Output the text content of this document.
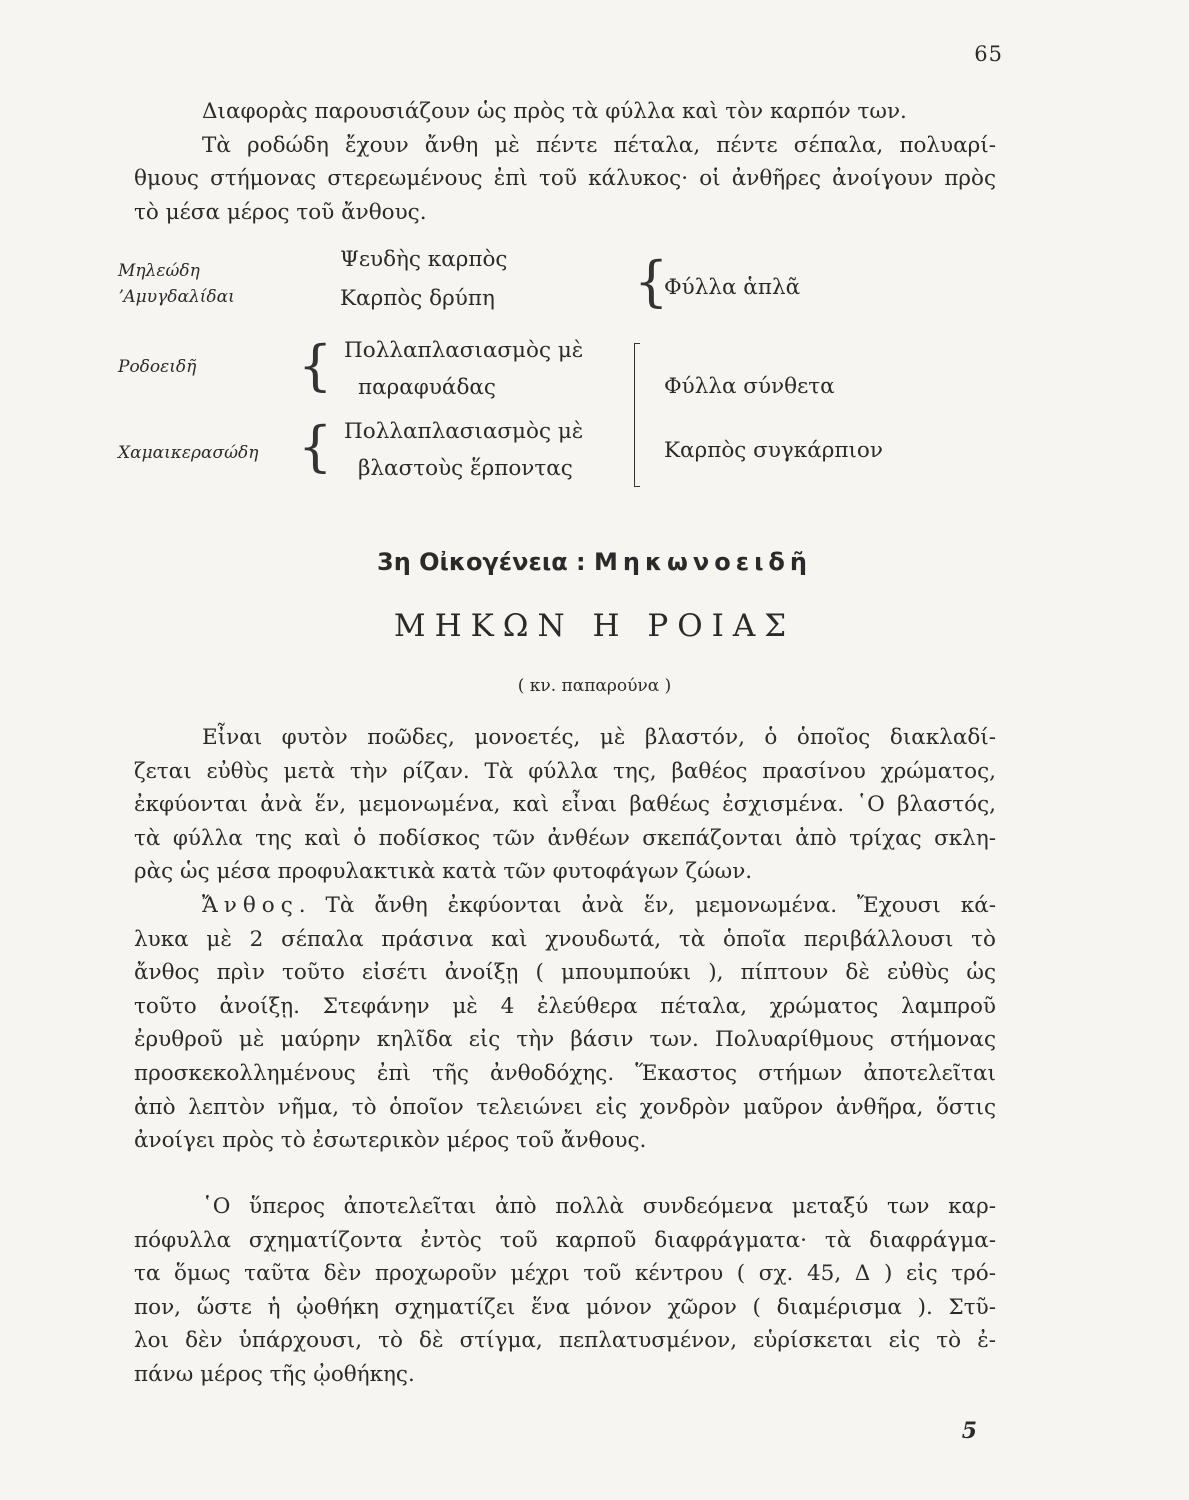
65

Διαφορὰς παρουσιάζουν ὡς πρὸς τὰ φύλλα καὶ τὸν καρπόν των.

Τὰ ροδώδη ἔχουν ἄνθη μὲ πέντε πέταλα, πέντε σέπαλα, πολυαρί-

θμους στήμονας στερεωμένους ἐπὶ τοῦ κάλυκος· οἱ ἀνθῆρες ἀνοίγουν πρὸς

τὸ μέσα μέρος τοῦ ἄνθους.

Μηλεώδη
ʼΑμυγδαλίδαι
Ψευδὴς καρπὸς
Καρπὸς δρύπη
{
Ροδοειδῆ
Πολλαπλασιασμὸς μὲ
παραφυάδας
{
Χαμαικερασώδη
Πολλαπλασιασμὸς μὲ
βλαστοὺς ἕρποντας
{
Φύλλα ἁπλᾶ
Φύλλα σύνθετα
Καρπὸς συγκάρπιον
3η Οἰκογένεια : Μηκωνοειδῆ
ΜΗΚΩΝ Η ΡΟΙΑΣ
( κν. παπαρούνα )

Εἶναι φυτὸν ποῶδες, μονοετές, μὲ βλαστόν, ὁ ὁποῖος διακλαδί-

ζεται εὐθὺς μετὰ τὴν ρίζαν. Τὰ φύλλα της, βαθέος πρασίνου χρώματος,

ἐκφύονται ἀνὰ ἕν, μεμονωμένα, καὶ εἶναι βαθέως ἐσχισμένα. ῾Ο βλαστός,

τὰ φύλλα της καὶ ὁ ποδίσκος τῶν ἀνθέων σκεπάζονται ἀπὸ τρίχας σκλη-

ρὰς ὡς μέσα προφυλακτικὰ κατὰ τῶν φυτοφάγων ζώων.

Ἄνθος. Τὰ ἄνθη ἐκφύονται ἀνὰ ἕν, μεμονωμένα. Ἔχουσι κά-

λυκα μὲ 2 σέπαλα πράσινα καὶ χνουδωτά, τὰ ὁποῖα περιβάλλουσι τὸ

ἄνθος πρὶν τοῦτο εἰσέτι ἀνοίξῃ ( μπουμπούκι ), πίπτουν δὲ εὐθὺς ὡς

τοῦτο ἀνοίξῃ. Στεφάνην μὲ 4 ἐλεύθερα πέταλα, χρώματος λαμπροῦ

ἐρυθροῦ μὲ μαύρην κηλῖδα εἰς τὴν βάσιν των. Πολυαρίθμους στήμονας

προσκεκολλημένους ἐπὶ τῆς ἀνθοδόχης. Ἕκαστος στήμων ἀποτελεῖται

ἀπὸ λεπτὸν νῆμα, τὸ ὁποῖον τελειώνει εἰς χονδρὸν μαῦρον ἀνθῆρα, ὅστις

ἀνοίγει πρὸς τὸ ἐσωτερικὸν μέρος τοῦ ἄνθους.

῾Ο ὕπερος ἀποτελεῖται ἀπὸ πολλὰ συνδεόμενα μεταξύ των καρ-

πόφυλλα σχηματίζοντα ἐντὸς τοῦ καρποῦ διαφράγματα· τὰ διαφράγμα-

τα ὅμως ταῦτα δὲν προχωροῦν μέχρι τοῦ κέντρου ( σχ. 45, Δ ) εἰς τρό-

πον, ὥστε ἡ ᾠοθήκη σχηματίζει ἕνα μόνον χῶρον ( διαμέρισμα ). Στῦ-

λοι δὲν ὑπάρχουσι, τὸ δὲ στίγμα, πεπλατυσμένον, εὑρίσκεται εἰς τὸ ἐ-

πάνω μέρος τῆς ᾠοθήκης.

5
